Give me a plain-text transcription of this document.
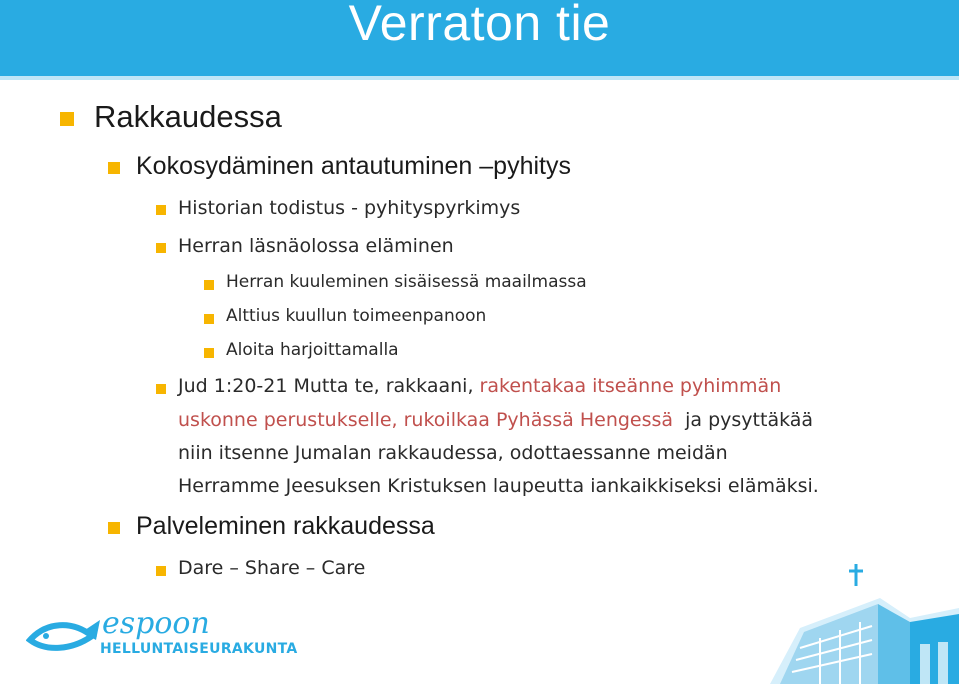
Verraton tie
Rakkaudessa
Kokosydäminen antautuminen –pyhitys
Historian todistus - pyhityspyrkimys
Herran läsnäolossa eläminen
Herran kuuleminen sisäisessä maailmassa
Alttius kuullun toimeenpanoon
Aloita harjoittamalla
Jud 1:20-21 Mutta te, rakkaani, rakentakaa itseänne pyhimmän
uskonne perustukselle, rukoilkaa Pyhässä Hengessä  ja pysyttäkää
niin itsenne Jumalan rakkaudessa, odottaessanne meidän
Herramme Jeesuksen Kristuksen laupeutta iankaikkiseksi elämäksi.
Palveleminen rakkaudessa
Dare – Share – Care
espoon
HELLUNTAISEURAKUNTA
